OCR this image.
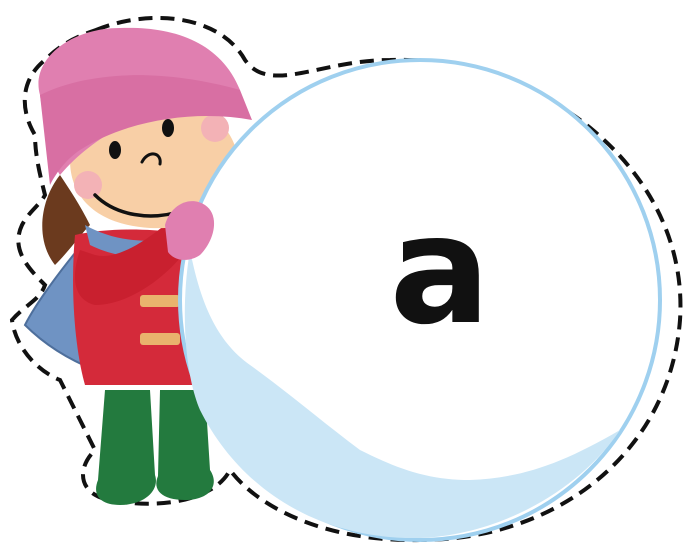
a
